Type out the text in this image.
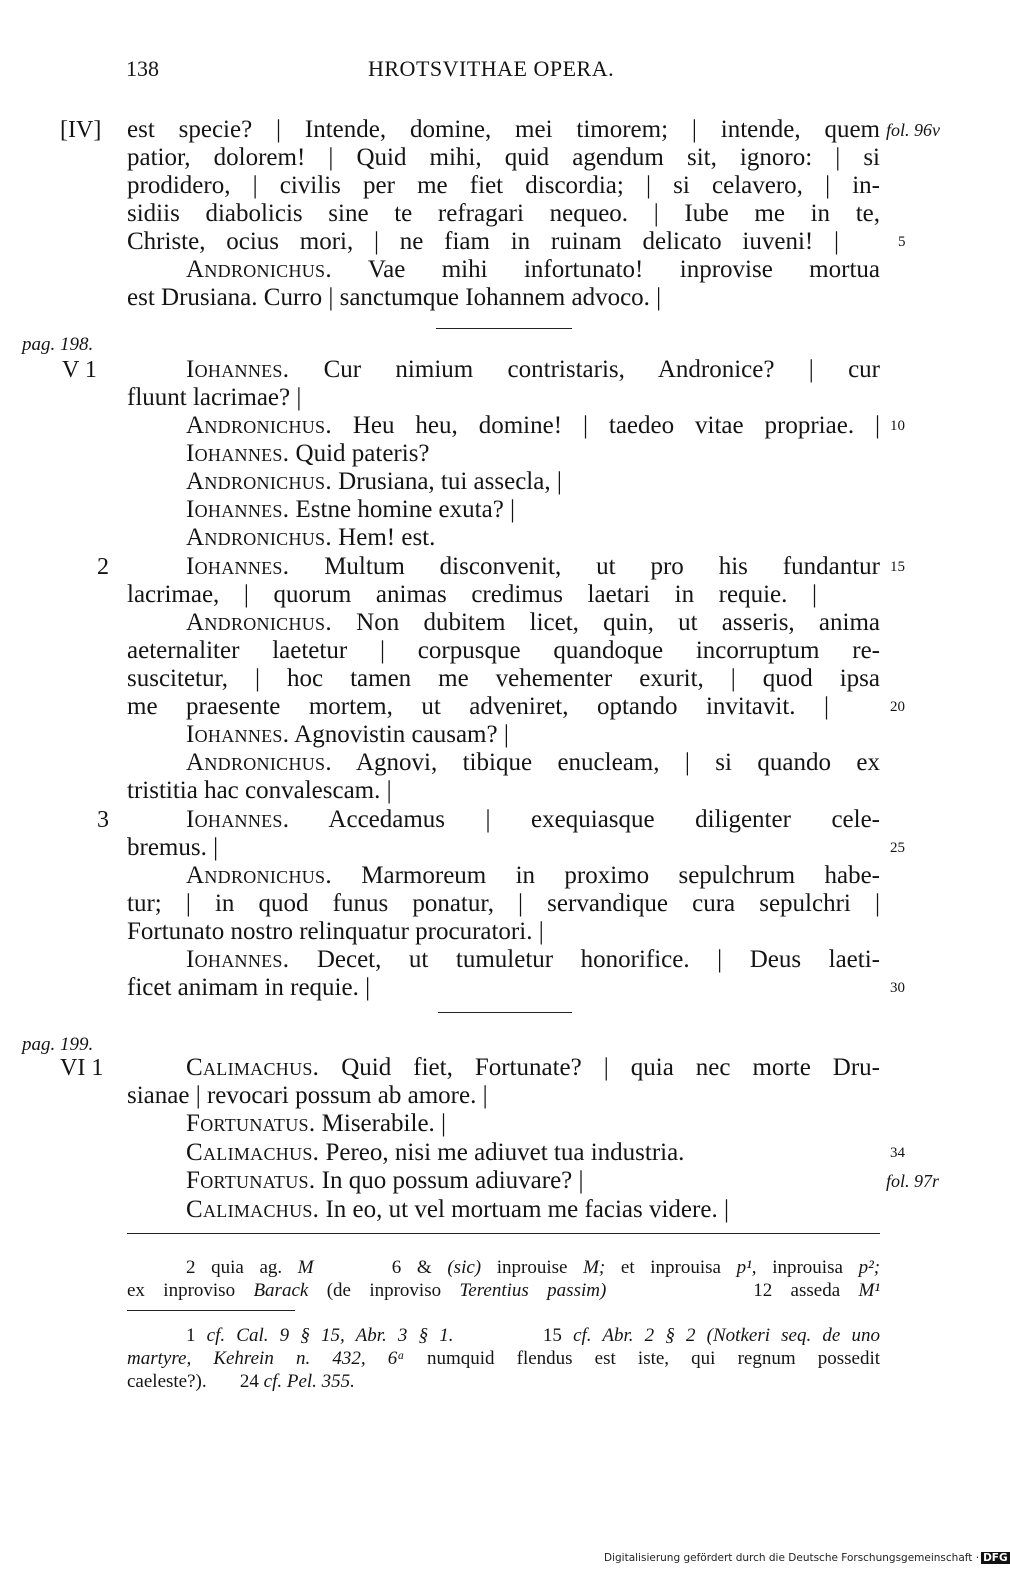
138	HROTSVITHAE OPERA.
[IV]	fol. 96v
est specie? | Intende, domine, mei timorem; | intende, quem
patior, dolorem! | Quid mihi, quid agendum sit, ignoro: | si
prodidero, | civilis per me fiet discordia; | si celavero, | in-
sidiis diabolicis sine te refragari nequeo. | Iube me in te,
Christe, ocius mori, | ne fiam in ruinam delicato iuveni! |	5
Andronichus. Vae mihi infortunato! inprovise mortua
est Drusiana. Curro | sanctumque Iohannem advoco. |
pag. 198.
V 1	Iohannes. Cur nimium contristaris, Andronice? | cur
fluunt lacrimae? |
Andronichus. Heu heu, domine! | taedeo vitae propriae. | 10
Iohannes. Quid pateris?
Andronichus. Drusiana, tui assecla, |
Iohannes. Estne homine exuta? |
Andronichus. Hem! est.
2	Iohannes. Multum disconvenit, ut pro his fundantur 15
lacrimae, | quorum animas credimus laetari in requie. |
Andronichus. Non dubitem licet, quin, ut asseris, anima
aeternaliter laetetur | corpusque quandoque incorruptum re-
suscitetur, | hoc tamen me vehementer exurit, | quod ipsa
me praesente mortem, ut adveniret, optando invitavit. |	20
Iohannes. Agnovistin causam? |
Andronichus. Agnovi, tibique enucleam, | si quando ex
tristitia hac convalescam. |
3	Iohannes. Accedamus | exequiasque diligenter cele-
bremus. |	25
Andronichus. Marmoreum in proximo sepulchrum habe-
tur; | in quod funus ponatur, | servandique cura sepulchri |
Fortunato nostro relinquatur procuratori. |
Iohannes. Decet, ut tumuletur honorifice. | Deus laeti-
ficet animam in requie. |	30
pag. 199.
VI 1	Calimachus. Quid fiet, Fortunate? | quia nec morte Dru-
sianae | revocari possum ab amore. |
Fortunatus. Miserabile. |
Calimachus. Pereo, nisi me adiuvet tua industria.	34
Fortunatus. In quo possum adiuvare? |	fol. 97r
Calimachus. In eo, ut vel mortuam me facias videre. |
2 quia ag. M	6 & (sic) inprouise M; et inprouisa p¹, inprouisa p²;
ex inproviso Barack (de inproviso Terentius passim)	12 asseda M¹
1 cf. Cal. 9 § 15, Abr. 3 § 1.	15 cf. Abr. 2 § 2 (Notkeri seq. de uno
martyre, Kehrein n. 432, 6ᵃ numquid flendus est iste, qui regnum possedit
caeleste?). 24 cf. Pel. 355.
Digitalisierung gefördert durch die Deutsche Forschungsgemeinschaft · DFG
